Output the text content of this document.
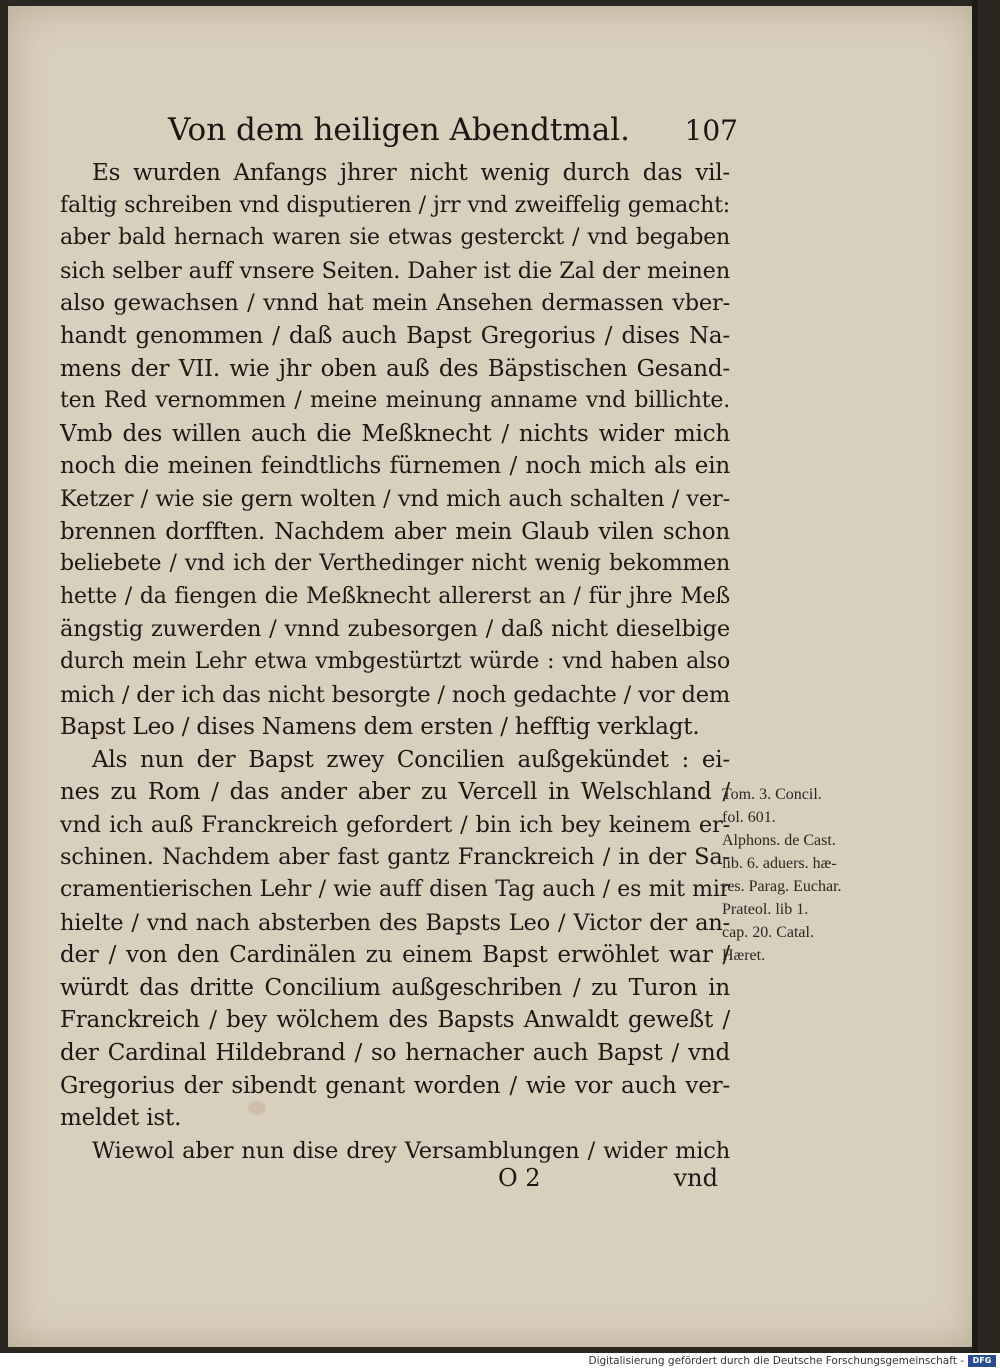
Von dem heiligen Abendtmal. 107
Es wurden Anfangs jhrer nicht wenig durch das vil-
faltig schreiben vnd disputieren / jrr vnd zweiffelig gemacht:
aber bald hernach waren sie etwas gesterckt / vnd begaben
sich selber auff vnsere Seiten. Daher ist die Zal der meinen
also gewachsen / vnnd hat mein Ansehen dermassen vber-
handt genommen / daß auch Bapst Gregorius / dises Na-
mens der VII. wie jhr oben auß des Bäpstischen Gesand-
ten Red vernommen / meine meinung anname vnd billichte.
Vmb des willen auch die Meßknecht / nichts wider mich
noch die meinen feindtlichs fürnemen / noch mich als ein
Ketzer / wie sie gern wolten / vnd mich auch schalten / ver-
brennen dorfften. Nachdem aber mein Glaub vilen schon
beliebete / vnd ich der Verthedinger nicht wenig bekommen
hette / da fiengen die Meßknecht allererst an / für jhre Meß
ängstig zuwerden / vnnd zubesorgen / daß nicht dieselbige
durch mein Lehr etwa vmbgestürtzt würde : vnd haben also
mich / der ich das nicht besorgte / noch gedachte / vor dem
Bapst Leo / dises Namens dem ersten / hefftig verklagt.
Als nun der Bapst zwey Concilien außgekündet : ei-
nes zu Rom / das ander aber zu Vercell in Welschland /
vnd ich auß Franckreich gefordert / bin ich bey keinem er-
schinen. Nachdem aber fast gantz Franckreich / in der Sa-
cramentierischen Lehr / wie auff disen Tag auch / es mit mir
hielte / vnd nach absterben des Bapsts Leo / Victor der an-
der / von den Cardinälen zu einem Bapst erwöhlet war /
würdt das dritte Concilium außgeschriben / zu Turon in
Franckreich / bey wölchem des Bapsts Anwaldt geweßt /
der Cardinal Hildebrand / so hernacher auch Bapst / vnd
Gregorius der sibendt genant worden / wie vor auch ver-
meldet ist.
Wiewol aber nun dise drey Versamblungen / wider mich
Tom. 3. Concil.
fol. 601.
Alphons. de Cast.
lib. 6. aduers. hæ-
res. Parag. Euchar.
Prateol. lib 1.
cap. 20. Catal.
Hæret.
O 2	vnd
Digitalisierung gefördert durch die Deutsche Forschungsgemeinschaft -	DFG
